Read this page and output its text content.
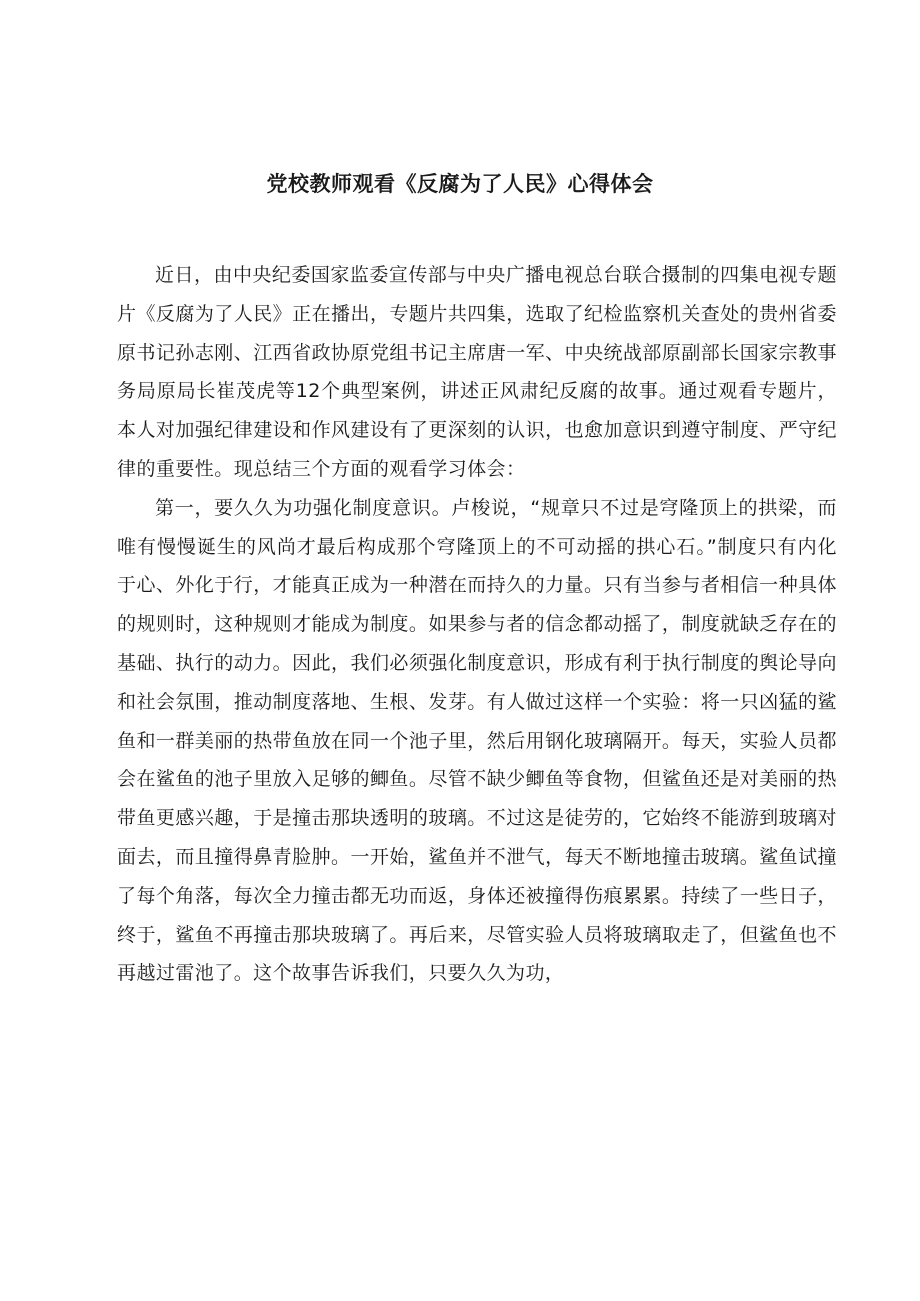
党校教师观看《反腐为了人民》心得体会

近日，由中央纪委国家监委宣传部与中央广播电视总台联合摄制的四集电视专题片《反腐为了人民》正在播出，专题片共四集，选取了纪检监察机关查处的贵州省委原书记孙志刚、江西省政协原党组书记主席唐一军、中央统战部原副部长国家宗教事务局原局长崔茂虎等12个典型案例，讲述正风肃纪反腐的故事。通过观看专题片，本人对加强纪律建设和作风建设有了更深刻的认识，也愈加意识到遵守制度、严守纪律的重要性。现总结三个方面的观看学习体会：

第一，要久久为功强化制度意识。卢梭说，“规章只不过是穹隆顶上的拱梁，而唯有慢慢诞生的风尚才最后构成那个穹隆顶上的不可动摇的拱心石。”制度只有内化于心、外化于行，才能真正成为一种潜在而持久的力量。只有当参与者相信一种具体的规则时，这种规则才能成为制度。如果参与者的信念都动摇了，制度就缺乏存在的基础、执行的动力。因此，我们必须强化制度意识，形成有利于执行制度的舆论导向和社会氛围，推动制度落地、生根、发芽。有人做过这样一个实验：将一只凶猛的鲨鱼和一群美丽的热带鱼放在同一个池子里，然后用钢化玻璃隔开。每天，实验人员都会在鲨鱼的池子里放入足够的鲫鱼。尽管不缺少鲫鱼等食物，但鲨鱼还是对美丽的热带鱼更感兴趣，于是撞击那块透明的玻璃。不过这是徒劳的，它始终不能游到玻璃对面去，而且撞得鼻青脸肿。一开始，鲨鱼并不泄气，每天不断地撞击玻璃。鲨鱼试撞了每个角落，每次全力撞击都无功而返，身体还被撞得伤痕累累。持续了一些日子，终于，鲨鱼不再撞击那块玻璃了。再后来，尽管实验人员将玻璃取走了，但鲨鱼也不再越过雷池了。这个故事告诉我们，只要久久为功，
